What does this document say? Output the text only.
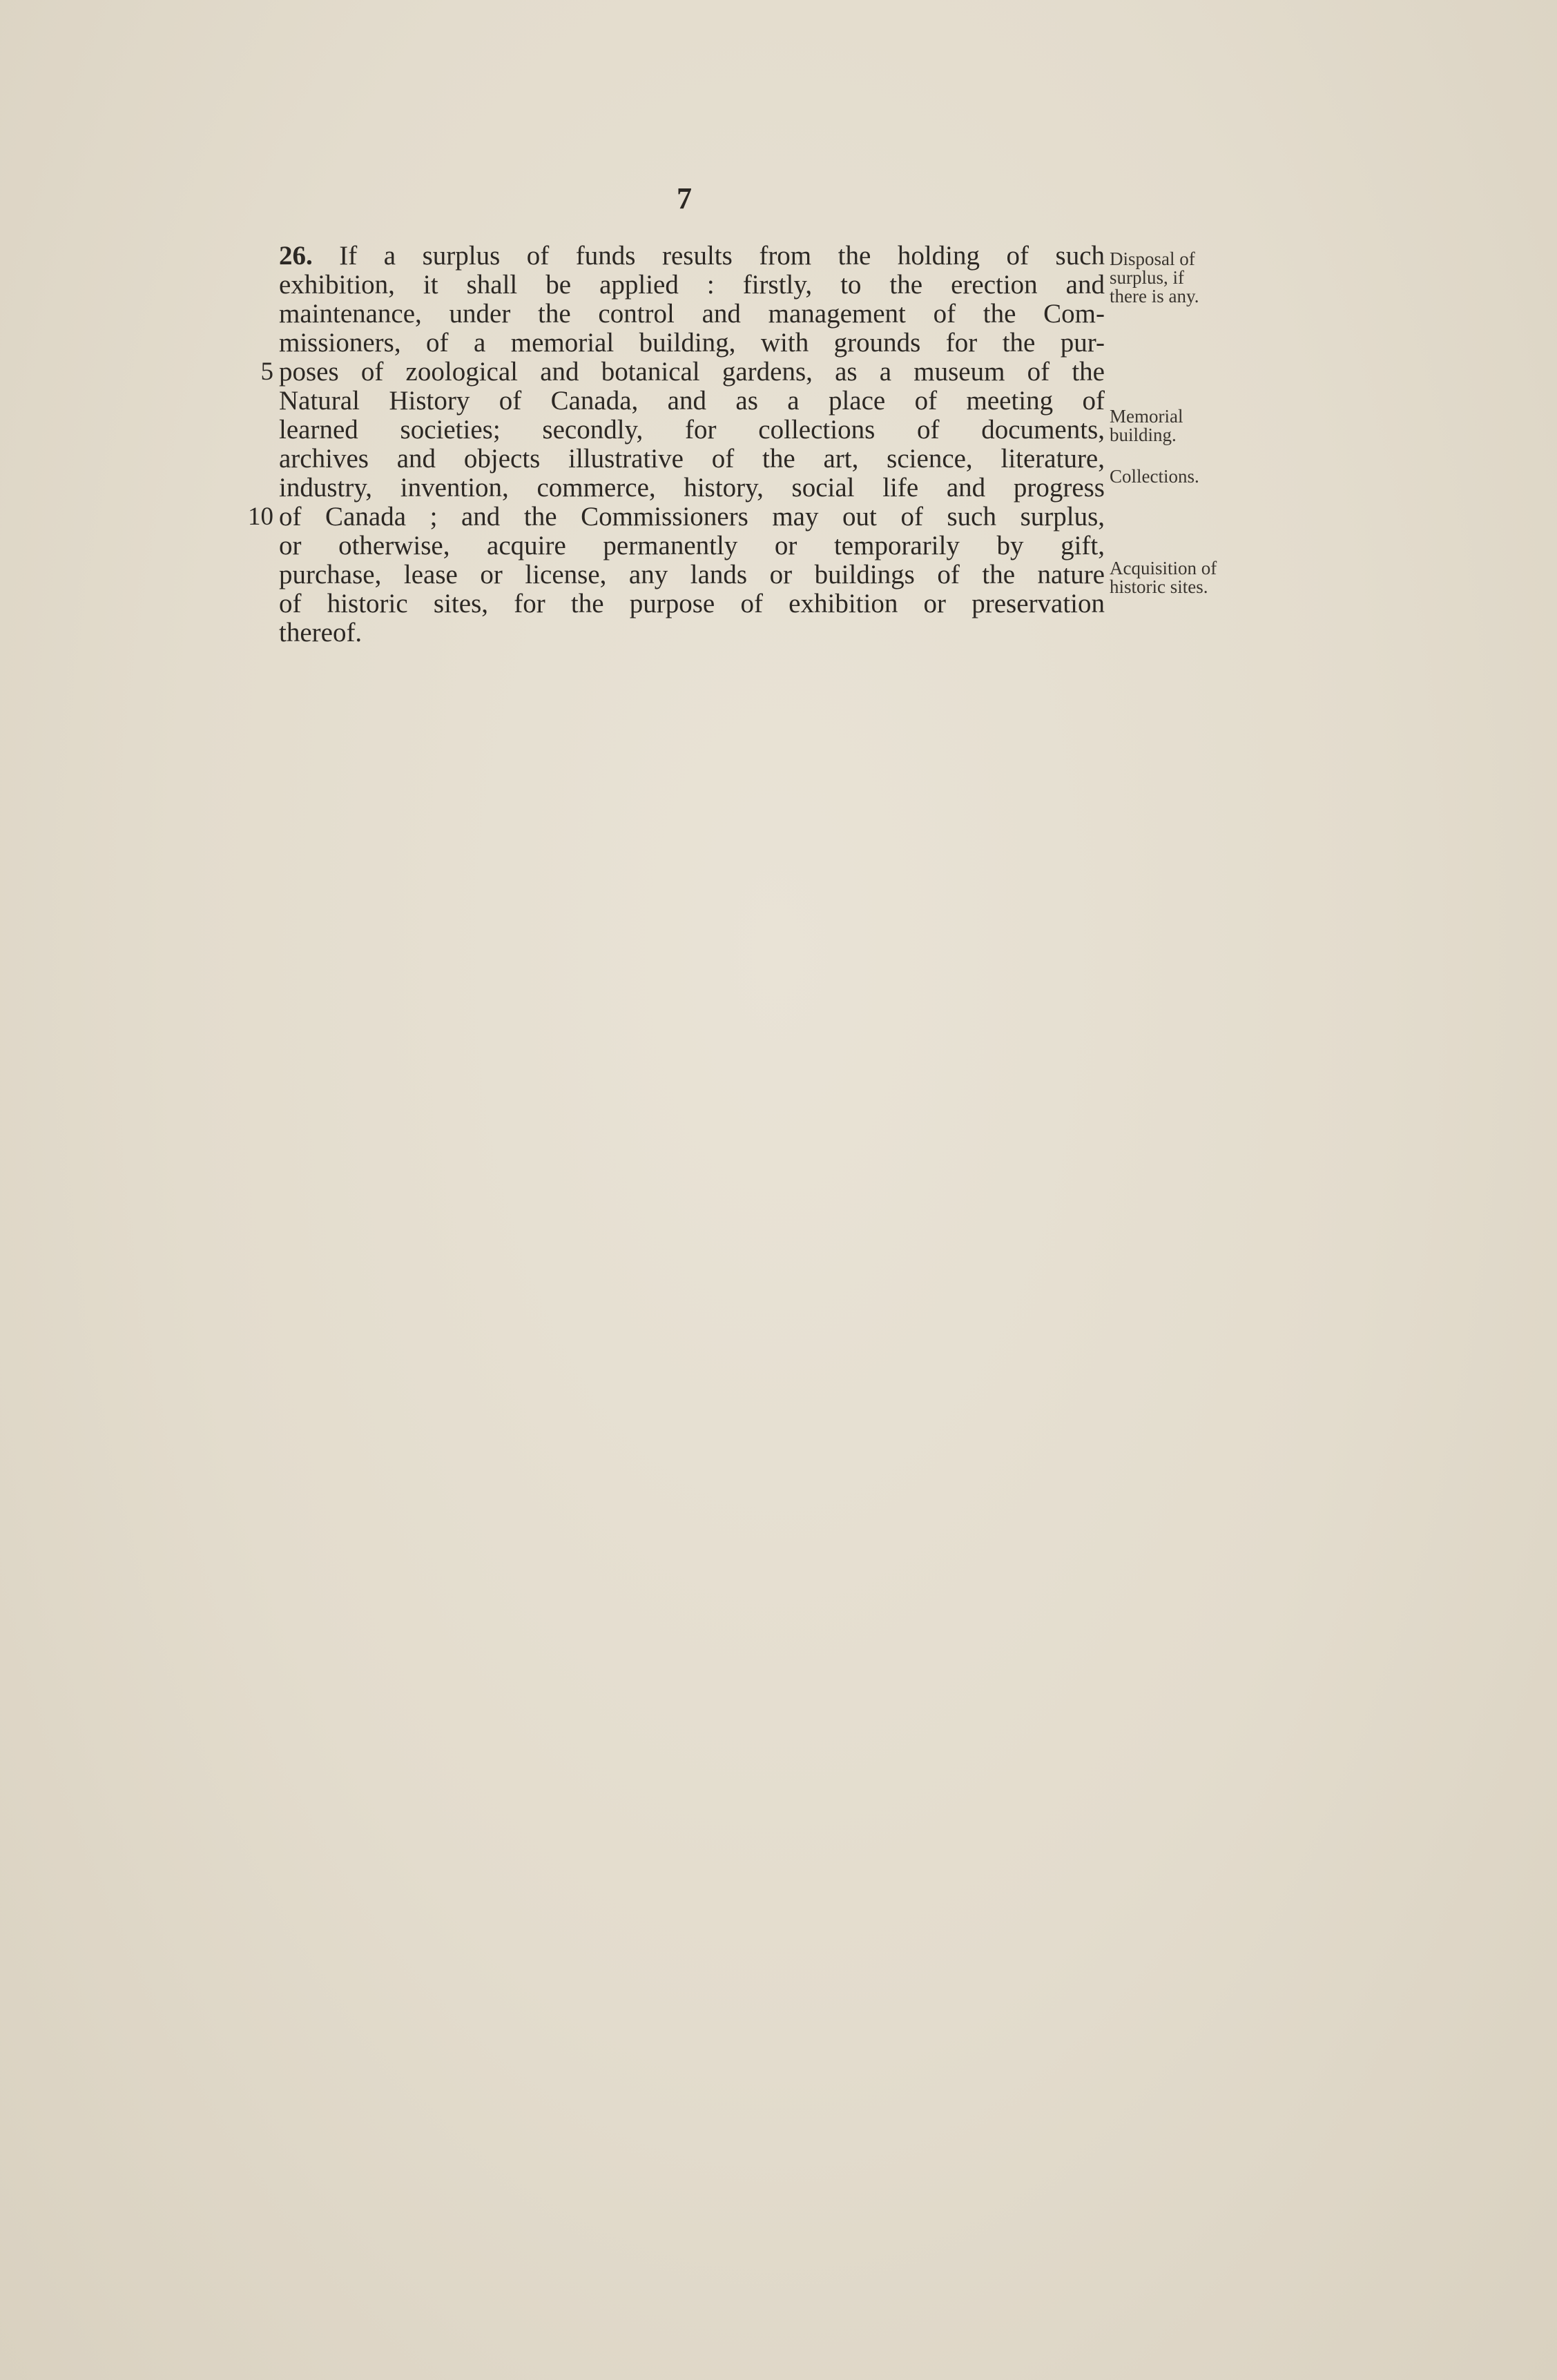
7
26. If a surplus of funds results from the holding of such
exhibition, it shall be applied : firstly, to the erection and
maintenance, under the control and management of the Com-
missioners, of a memorial building, with grounds for the pur-
5 poses of zoological and botanical gardens, as a museum of the
Natural History of Canada, and as a place of meeting of
learned societies; secondly, for collections of documents,
archives and objects illustrative of the art, science, literature,
industry, invention, commerce, history, social life and progress
10 of Canada ; and the Commissioners may out of such surplus,
or otherwise, acquire permanently or temporarily by gift,
purchase, lease or license, any lands or buildings of the nature
of historic sites, for the purpose of exhibition or preservation
thereof.
Disposal of
surplus, if
there is any.
Memorial
building.
Collections.
Acquisition of
historic sites.
